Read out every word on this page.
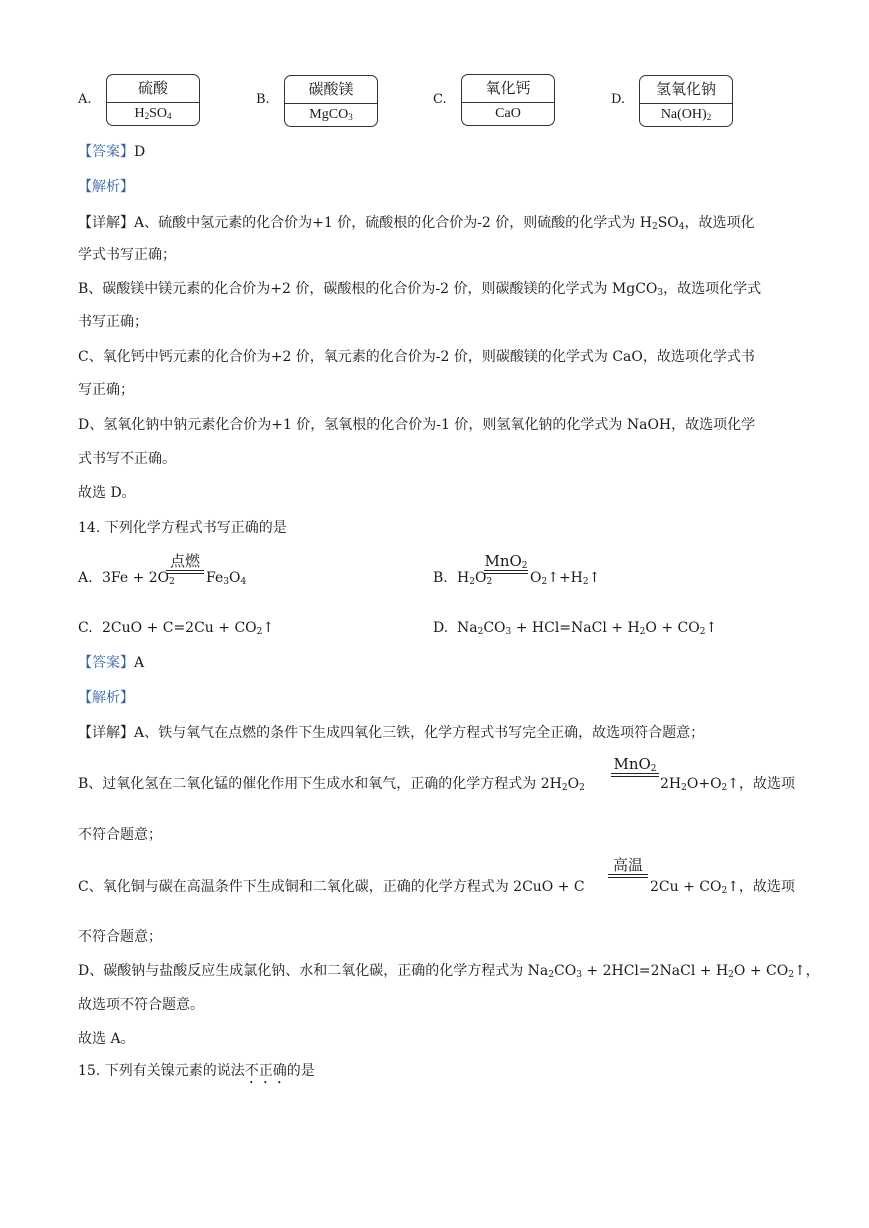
A.
硫酸
$H_2SO_4$
B.
碳酸镁
MgCO$_3$
C.
氧化钙
CaO
D.
氢氧化钠
$Na(OH)_2$
【答案】D
【解析】
【详解】A、硫酸中氢元素的化合价为+1 价，硫酸根的化合价为-2 价，则硫酸的化学式为 $H_2SO_4$，故选项化
学式书写正确；
B、碳酸镁中镁元素的化合价为+2 价，碳酸根的化合价为-2 价，则碳酸镁的化学式为 MgCO$_3$，故选项化学式
书写正确；
C、氧化钙中钙元素的化合价为+2 价，氧元素的化合价为-2 价，则碳酸镁的化学式为 CaO，故选项化学式书
写正确；
D、氢氧化钠中钠元素化合价为+1 价，氢氧根的化合价为-1 价，则氢氧化钠的化学式为 NaOH，故选项化学
式书写不正确。
故选 D。
14. 下列化学方程式书写正确的是
A. $3Fe + 2O_2$
点燃
$Fe_3O_4$	B. $H_2O_2$
MnO$_2$
$O_2↑+H_2↑$
C. $2CuO + C=2Cu + CO_2↑$	D. $Na_2CO_3$ + HCl=NaCl + $H_2O$ + $CO_2↑$
【答案】A
【解析】
【详解】A、铁与氧气在点燃的条件下生成四氧化三铁，化学方程式书写完全正确，故选项符合题意；
B、过氧化氢在二氧化锰的催化作用下生成水和氧气，正确的化学方程式为 $2H_2O_2$
MnO$_2$
$2H_2O+O_2↑$，故选项
不符合题意；
C、氧化铜与碳在高温条件下生成铜和二氧化碳，正确的化学方程式为 2CuO + C
高温
$2Cu + CO_2↑$，故选项
不符合题意；
D、碳酸钠与盐酸反应生成氯化钠、水和二氧化碳，正确的化学方程式为 $Na_2CO_3$ + 2HCl=2NaCl + $H_2O$ + $CO_2↑$，
故选项不符合题意。
故选 A。
15. 下列有关镍元素的说法不正确的是
